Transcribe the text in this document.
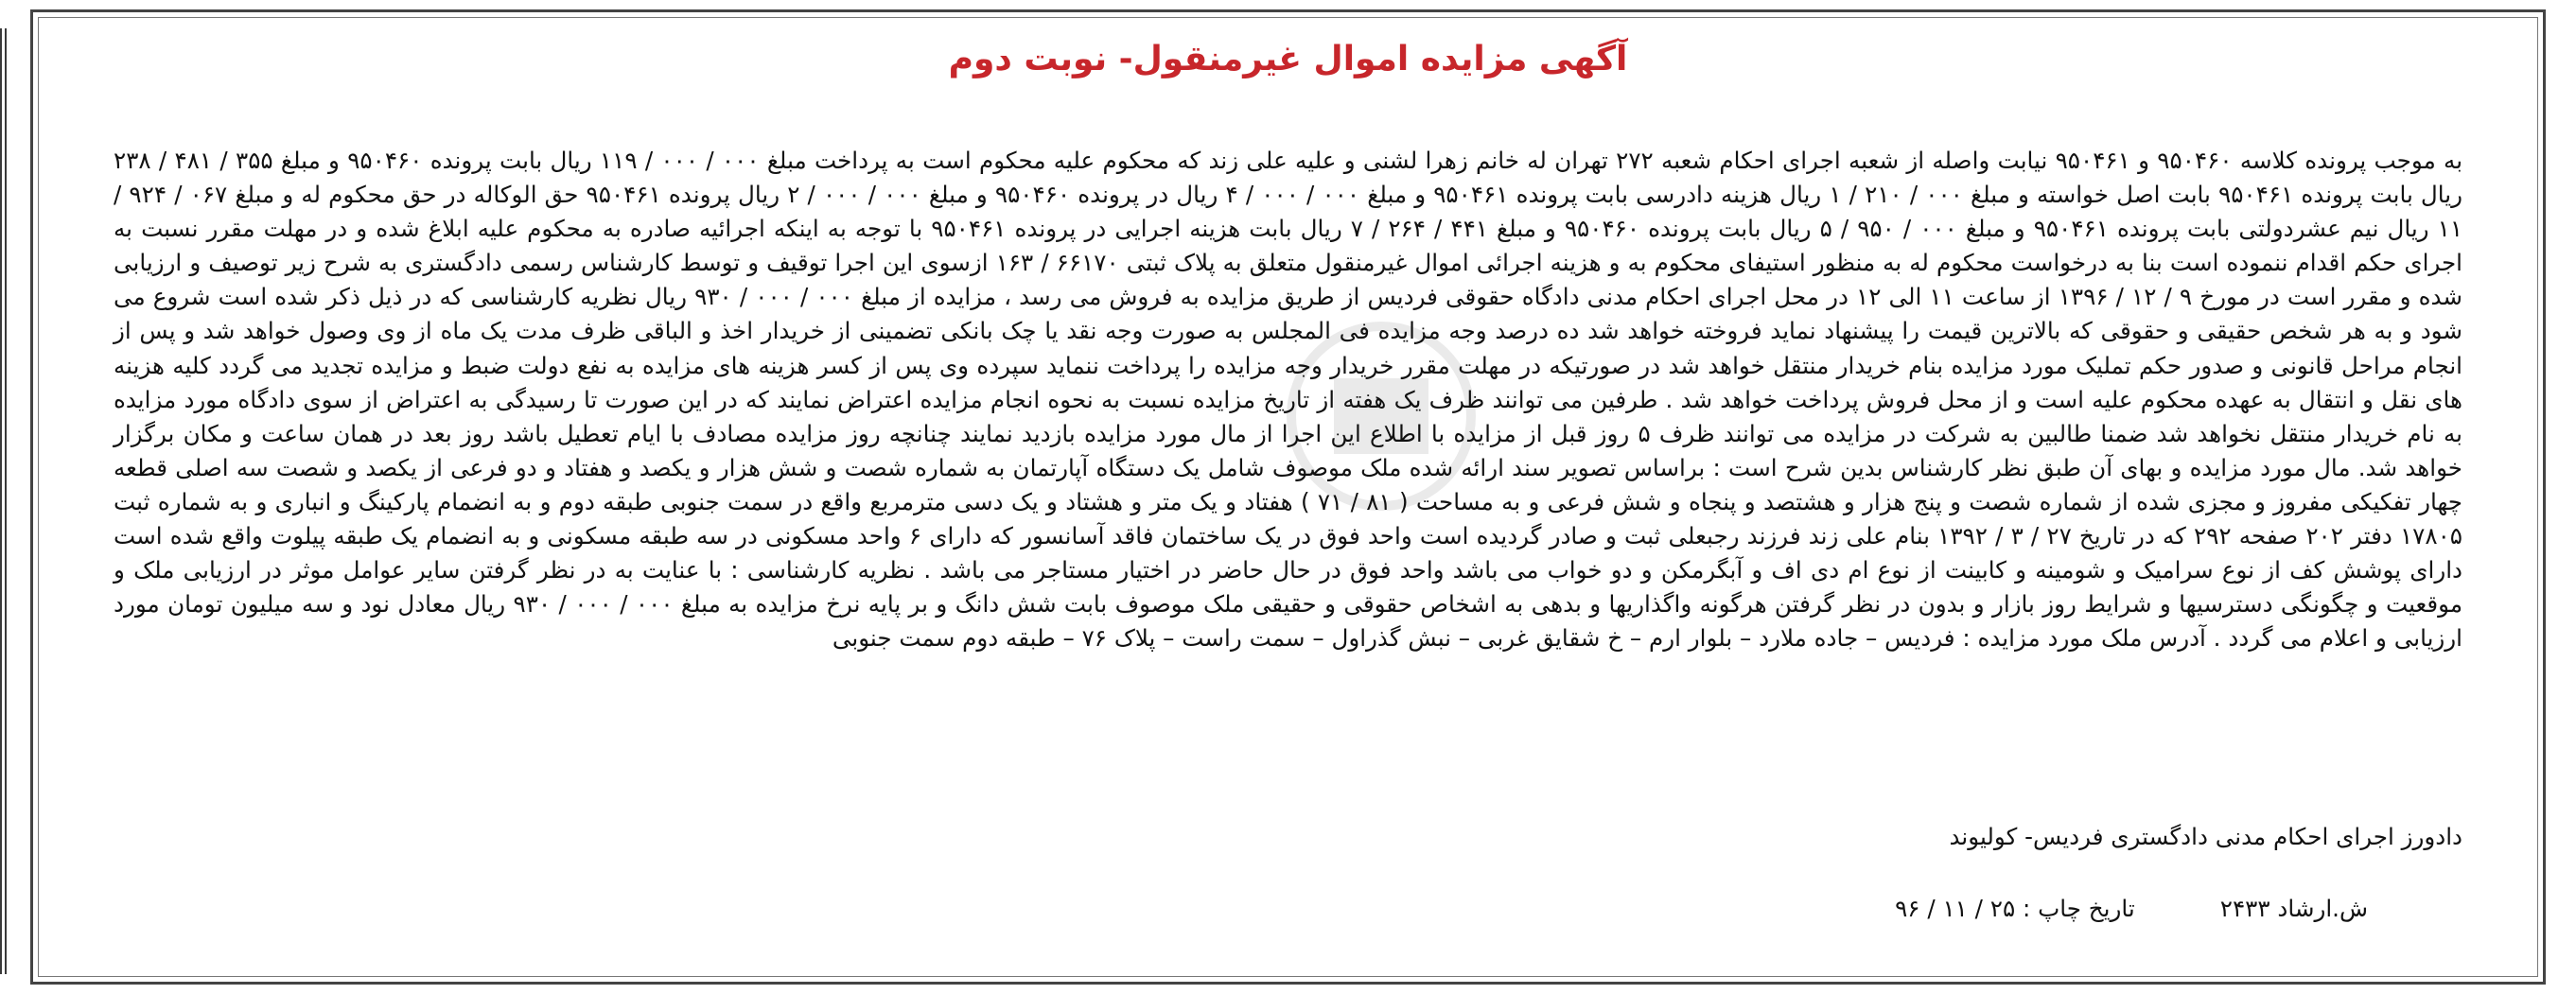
آگهی مزایده اموال غیرمنقول- نوبت دوم

به موجب پرونده کلاسه ۹۵۰۴۶۰ و ۹۵۰۴۶۱ نیابت واصله از شعبه اجرای احکام شعبه ۲۷۲ تهران له خانم زهرا لشنی و علیه علی زند که محکوم علیه محکوم است به پرداخت مبلغ ۰۰۰ / ۰۰۰ / ۱۱۹ ریال بابت پرونده ۹۵۰۴۶۰ و مبلغ ۳۵۵ / ۴۸۱ / ۲۳۸ ریال بابت پرونده ۹۵۰۴۶۱ بابت اصل خواسته و مبلغ ۰۰۰ / ۲۱۰ / ۱ ریال هزینه دادرسی بابت پرونده ۹۵۰۴۶۱ و مبلغ ۰۰۰ / ۰۰۰ / ۴ ریال در پرونده ۹۵۰۴۶۰ و مبلغ ۰۰۰ / ۰۰۰ / ۲ ریال پرونده ۹۵۰۴۶۱ حق الوکاله در حق محکوم له و مبلغ ۰۶۷ / ۹۲۴ / ۱۱ ریال نیم عشردولتی بابت پرونده ۹۵۰۴۶۱ و مبلغ ۰۰۰ / ۹۵۰ / ۵ ریال بابت پرونده ۹۵۰۴۶۰ و مبلغ ۴۴۱ / ۲۶۴ / ۷ ریال بابت هزینه اجرایی در پرونده ۹۵۰۴۶۱ با توجه به اینکه اجرائیه صادره به محکوم علیه ابلاغ شده و در مهلت مقرر نسبت به اجرای حکم اقدام ننموده است بنا به درخواست محکوم له به منظور استیفای محکوم به و هزینه اجرائی اموال غیرمنقول متعلق به پلاک ثبتی ۶۶۱۷۰ / ۱۶۳ ازسوی این اجرا توقیف و توسط کارشناس رسمی دادگستری به شرح زیر توصیف و ارزیابی شده و مقرر است در مورخ ۹ / ۱۲ / ۱۳۹۶ از ساعت ۱۱ الی ۱۲ در محل اجرای احکام مدنی دادگاه حقوقی فردیس از طریق مزایده به فروش می رسد ، مزایده از مبلغ ۰۰۰ / ۰۰۰ / ۹۳۰ ریال نظریه کارشناسی که در ذیل ذکر شده است شروع می شود و به هر شخص حقیقی و حقوقی که بالاترین قیمت را پیشنهاد نماید فروخته خواهد شد ده درصد وجه مزایده فی المجلس به صورت وجه نقد یا چک بانکی تضمینی از خریدار اخذ و الباقی ظرف مدت یک ماه از وی وصول خواهد شد و پس از انجام مراحل قانونی و صدور حکم تملیک مورد مزایده بنام خریدار منتقل خواهد شد در صورتیکه در مهلت مقرر خریدار وجه مزایده را پرداخت ننماید سپرده وی پس از کسر هزینه های مزایده به نفع دولت ضبط و مزایده تجدید می گردد کلیه هزینه های نقل و انتقال به عهده محکوم علیه است و از محل فروش پرداخت خواهد شد . طرفین می توانند ظرف یک هفته از تاریخ مزایده نسبت به نحوه انجام مزایده اعتراض نمایند که در این صورت تا رسیدگی به اعتراض از سوی دادگاه مورد مزایده به نام خریدار منتقل نخواهد شد ضمنا طالبین به شرکت در مزایده می توانند ظرف ۵ روز قبل از مزایده با اطلاع این اجرا از مال مورد مزایده بازدید نمایند چنانچه روز مزایده مصادف با ایام تعطیل باشد روز بعد در همان ساعت و مکان برگزار خواهد شد. مال مورد مزایده و بهای آن طبق نظر کارشناس بدین شرح است : براساس تصویر سند ارائه شده ملک موصوف شامل یک دستگاه آپارتمان به شماره شصت و شش هزار و یکصد و هفتاد و دو فرعی از یکصد و شصت سه اصلی قطعه چهار تفکیکی مفروز و مجزی شده از شماره شصت و پنج هزار و هشتصد و پنجاه و شش فرعی و به مساحت ( ۸۱ / ۷۱ ) هفتاد و یک متر و هشتاد و یک دسی مترمربع واقع در سمت جنوبی طبقه دوم و به انضمام پارکینگ و انباری و به شماره ثبت ۱۷۸۰۵ دفتر ۲۰۲ صفحه ۲۹۲ که در تاریخ ۲۷ / ۳ / ۱۳۹۲ بنام علی زند فرزند رجبعلی ثبت و صادر گردیده است واحد فوق در یک ساختمان فاقد آسانسور که دارای ۶ واحد مسکونی در سه طبقه مسکونی و به انضمام یک طبقه پیلوت واقع شده است دارای پوشش کف از نوع سرامیک و شومینه و کابینت از نوع ام دی اف و آبگرمکن و دو خواب می باشد واحد فوق در حال حاضر در اختیار مستاجر می باشد . نظریه کارشناسی : با عنایت به در نظر گرفتن سایر عوامل موثر در ارزیابی ملک و موقعیت و چگونگی دسترسیها و شرایط روز بازار و بدون در نظر گرفتن هرگونه واگذاریها و بدهی به اشخاص حقوقی و حقیقی ملک موصوف بابت شش دانگ و بر پایه نرخ مزایده به مبلغ ۰۰۰ / ۰۰۰ / ۹۳۰ ریال معادل نود و سه میلیون تومان مورد ارزیابی و اعلام می گردد . آدرس ملک مورد مزایده : فردیس – جاده ملارد – بلوار ارم – خ شقایق غربی – نبش گذراول – سمت راست – پلاک ۷۶ – طبقه دوم سمت جنوبی

دادورز اجرای احکام مدنی دادگستری فردیس- کولیوند
ش.ارشاد ۲۴۳۳تاریخ چاپ : ۲۵ / ۱۱ / ۹۶
